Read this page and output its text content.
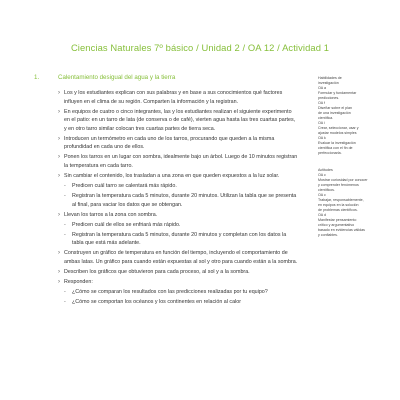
Ciencias Naturales 7º básico / Unidad 2 / OA 12 / Actividad 1
1.	Calentamiento desigual del agua y la tierra
› Los y los estudiantes explican con sus palabras y en base a sus conocimientos qué factores influyen en el clima de su región. Comparten la información y la registran.
› En equipos de cuatro o cinco integrantes, las y los estudiantes realizan el siguiente experimento en el patio: en un tarro de lata (de conserva o de café), vierten agua hasta las tres cuartas partes, y en otro tarro similar colocan tres cuartas partes de tierra seca.
› Introducen un termómetro en cada uno de los tarros, procurando que queden a la misma profundidad en cada uno de ellos.
› Ponen los tarros en un lugar con sombra, idealmente bajo un árbol. Luego de 10 minutos registran la temperatura en cada tarro.
› Sin cambiar el contenido, los trasladan a una zona en que queden expuestos a la luz solar.
- Predicen cuál tarro se calentará más rápido.
- Registran la temperatura cada 5 minutos, durante 20 minutos. Utilizan la tabla que se presenta al final, para vaciar los datos que se obtengan.
› Llevan los tarros a la zona con sombra.
- Predicen cuál de ellos se enfriará más rápido.
- Registran la temperatura cada 5 minutos, durante 20 minutos y completan con los datos la tabla que está más adelante.
› Construyen un gráfico de temperatura en función del tiempo, incluyendo el comportamiento de ambas latas. Un gráfico para cuando están expuestas al sol y otro para cuando están a la sombra.
› Describen los gráficos que obtuvieron para cada proceso, al sol y a la sombra.
› Responden:
- ¿Cómo se comparan los resultados con las predicciones realizadas por tu equipo?
- ¿Cómo se comportan los océanos y los continentes en relación al calor
Habilidades de
investigación
OA a
Formular y fundamentar
predicciones.
OA f
Diseñar sobre el plan
de una investigación
científica.
OA i
Crear, seleccionar, usar y
ajustar modelos simples
OA k
Evaluar la investigación
científica con el fin de
perfeccionarla.
Actitudes
OA c
Mostrar curiosidad por conocer
y comprender fenómenos
científicos.
OA c
Trabajar, responsablemente,
en equipos en la solución
de problemas científicos.
OA d
Manifestar pensamiento
crítico y argumentativo
basado en evidencias válidas
y confiables.
